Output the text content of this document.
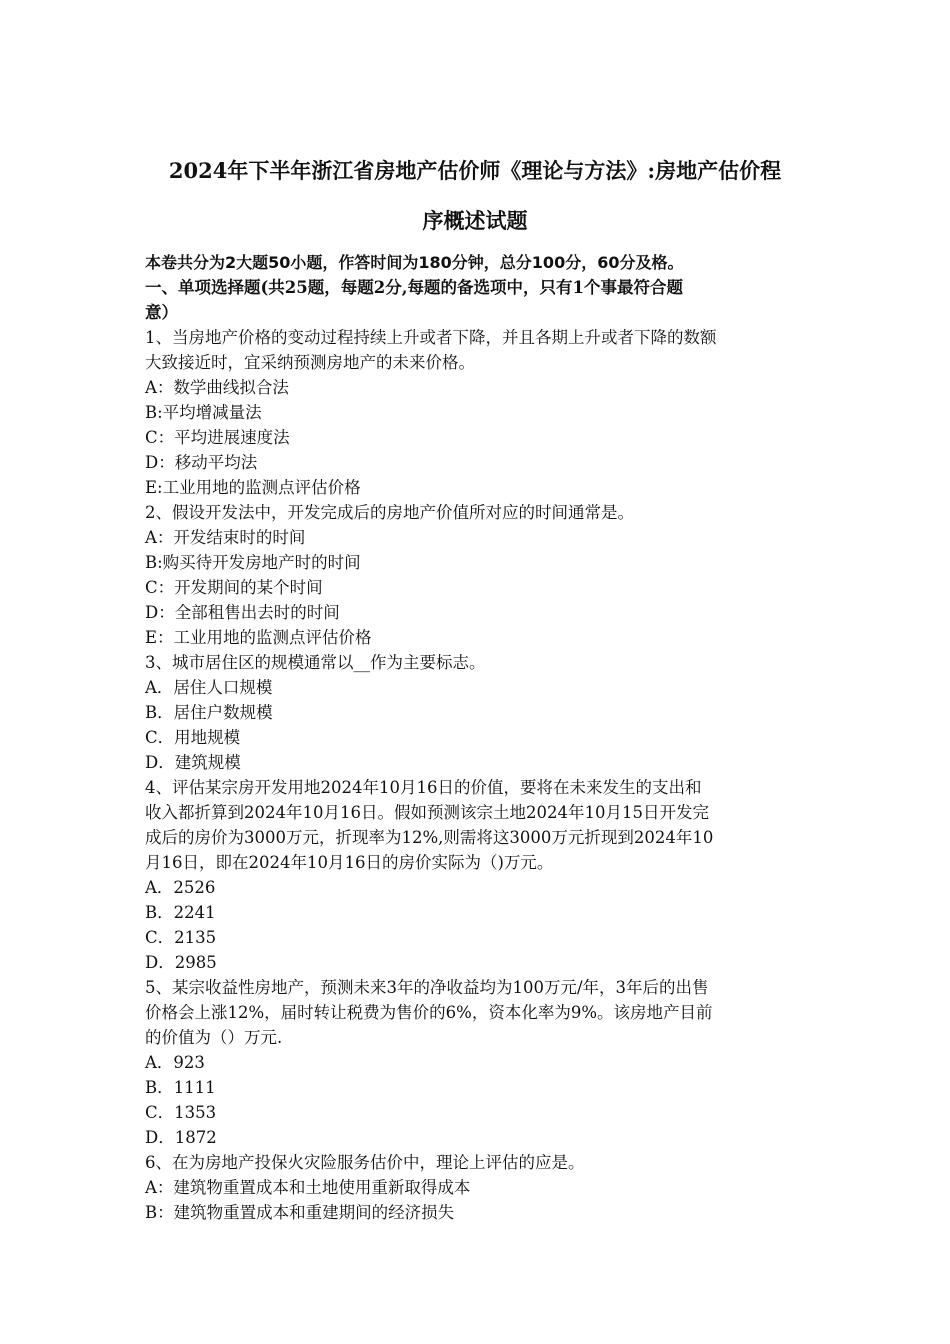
2024年下半年浙江省房地产估价师《理论与方法》:房地产估价程
序概述试题

本卷共分为2大题50小题，作答时间为180分钟，总分100分，60分及格。

一、单项选择题(共25题，每题2分,每题的备选项中，只有1个事最符合题

意）

1、当房地产价格的变动过程持续上升或者下降，并且各期上升或者下降的数额

大致接近时，宜采纳预测房地产的未来价格。

A：数学曲线拟合法

B:平均增减量法

C：平均进展速度法

D：移动平均法

E:工业用地的监测点评估价格

2、假设开发法中，开发完成后的房地产价值所对应的时间通常是。

A：开发结束时的时间

B:购买待开发房地产时的时间

C：开发期间的某个时间

D：全部租售出去时的时间

E：工业用地的监测点评估价格

3、城市居住区的规模通常以__作为主要标志。

A．居住人口规模

B．居住户数规模

C．用地规模

D．建筑规模

4、评估某宗房开发用地2024年10月16日的价值，要将在未来发生的支出和

收入都折算到2024年10月16日。假如预测该宗土地2024年10月15日开发完

成后的房价为3000万元，折现率为12%,则需将这3000万元折现到2024年10

月16日，即在2024年10月16日的房价实际为（)万元。

A．2526

B．2241

C．2135

D．2985

5、某宗收益性房地产，预测未来3年的净收益均为100万元/年，3年后的出售

价格会上涨12%，届时转让税费为售价的6%，资本化率为9%。该房地产目前

的价值为（）万元.

A．923

B．1111

C．1353

D．1872

6、在为房地产投保火灾险服务估价中，理论上评估的应是。

A：建筑物重置成本和土地使用重新取得成本

B：建筑物重置成本和重建期间的经济损失
